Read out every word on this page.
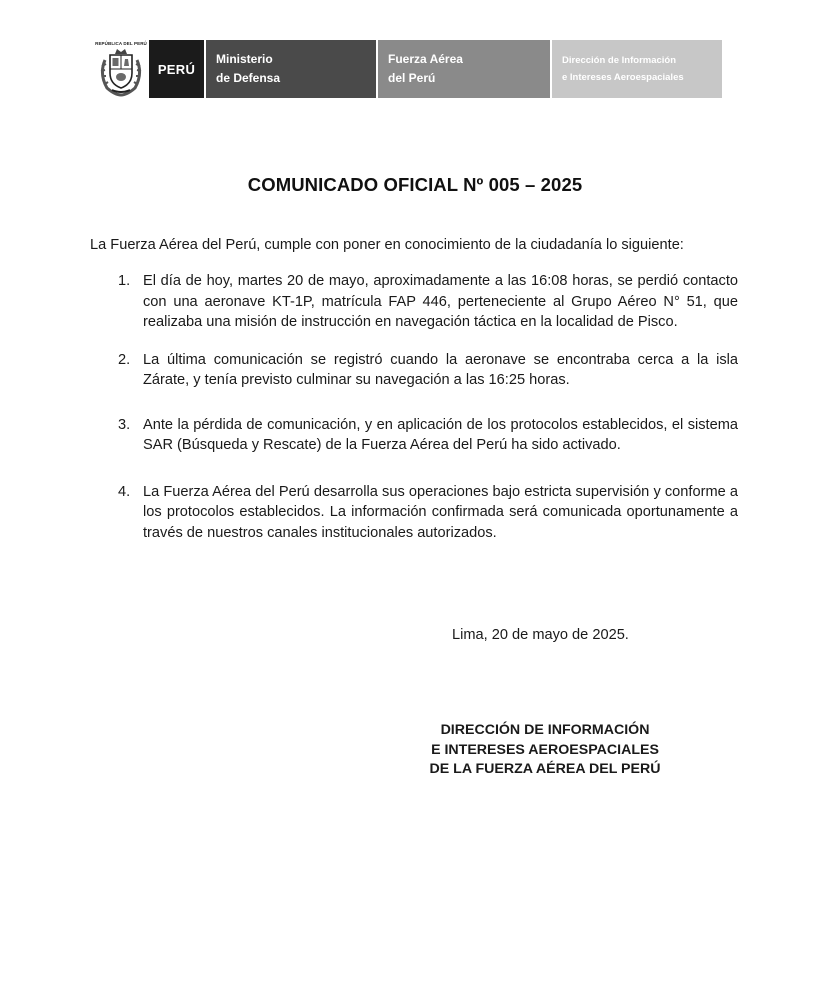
REPÚBLICA DEL PERÚ
PERÚ
Ministerio
de Defensa
Fuerza Aérea
del Perú
Dirección de Información
e Intereses Aeroespaciales
COMUNICADO OFICIAL Nº 005 – 2025
La Fuerza Aérea del Perú, cumple con poner en conocimiento de la ciudadanía lo siguiente:
1. El día de hoy, martes 20 de mayo, aproximadamente a las 16:08 horas, se perdió contacto con una aeronave KT-1P, matrícula FAP 446, perteneciente al Grupo Aéreo N° 51, que realizaba una misión de instrucción en navegación táctica en la localidad de Pisco.
2. La última comunicación se registró cuando la aeronave se encontraba cerca a la isla Zárate, y tenía previsto culminar su navegación a las 16:25 horas.
3. Ante la pérdida de comunicación, y en aplicación de los protocolos establecidos, el sistema SAR (Búsqueda y Rescate) de la Fuerza Aérea del Perú ha sido activado.
4. La Fuerza Aérea del Perú desarrolla sus operaciones bajo estricta supervisión y conforme a los protocolos establecidos. La información confirmada será comunicada oportunamente a través de nuestros canales institucionales autorizados.
Lima, 20 de mayo de 2025.
DIRECCIÓN DE INFORMACIÓN
E INTERESES AEROESPACIALES
DE LA FUERZA AÉREA DEL PERÚ
